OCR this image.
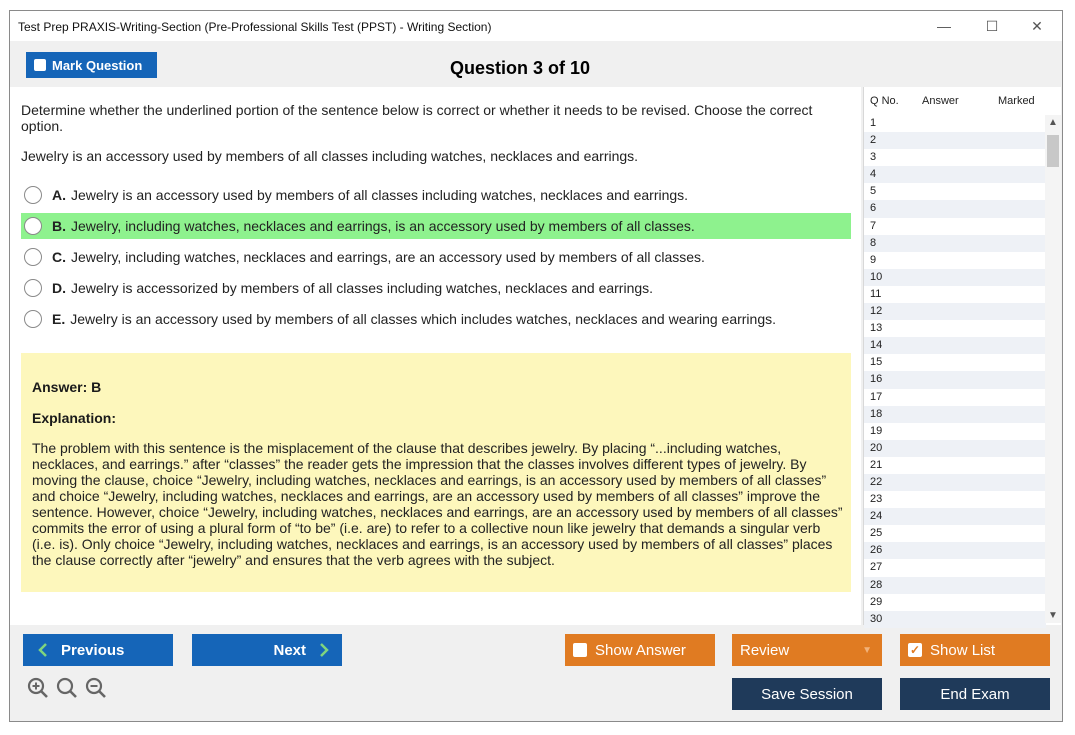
Test Prep PRAXIS-Writing-Section (Pre-Professional Skills Test (PPST) - Writing Section)	—	☐	✕
Mark Question	Question 3 of 10
Determine whether the underlined portion of the sentence below is correct or whether it needs to be revised. Choose the correct option.
Jewelry is an accessory used by members of all classes including watches, necklaces and earrings.
A. Jewelry is an accessory used by members of all classes including watches, necklaces and earrings.
B. Jewelry, including watches, necklaces and earrings, is an accessory used by members of all classes.
C. Jewelry, including watches, necklaces and earrings, are an accessory used by members of all classes.
D. Jewelry is accessorized by members of all classes including watches, necklaces and earrings.
E. Jewelry is an accessory used by members of all classes which includes watches, necklaces and wearing earrings.
Answer: B
Explanation:
The problem with this sentence is the misplacement of the clause that describes jewelry. By placing “...including watches, necklaces, and earrings.” after “classes” the reader gets the impression that the classes involves different types of jewelry. By moving the clause, choice “Jewelry, including watches, necklaces and earrings, is an accessory used by members of all classes” and choice “Jewelry, including watches, necklaces and earrings, are an accessory used by members of all classes” improve the sentence. However, choice “Jewelry, including watches, necklaces and earrings, are an accessory used by members of all classes” commits the error of using a plural form of “to be” (i.e. are) to refer to a collective noun like jewelry that demands a singular verb (i.e. is). Only choice “Jewelry, including watches, necklaces and earrings, is an accessory used by members of all classes” places the clause correctly after “jewelry” and ensures that the verb agrees with the subject.
Q No. Answer	Marked
1
2
3
4
5
6
7
8
9
10
11
12
13
14
15
16
17
18
19
20
21
22
23
24
25
26
27
28
29
30
▲
▼
Previous	Next	Show Answer	Review	▼	✓ Show List
Save Session	End Exam
